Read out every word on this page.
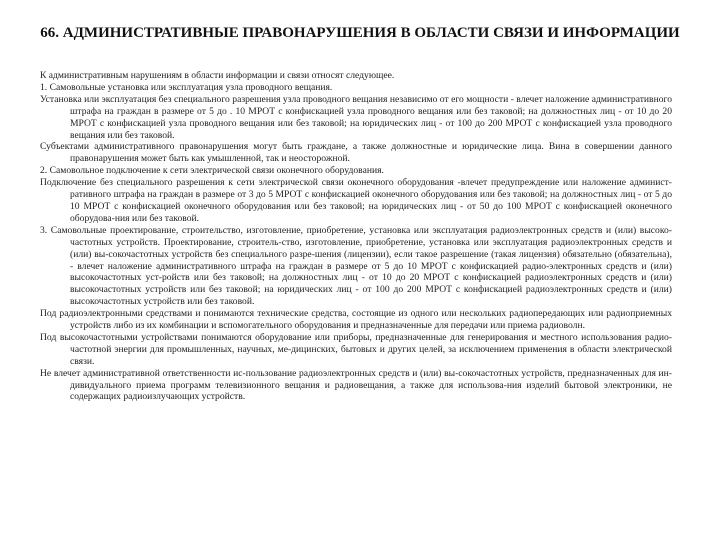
66. АДМИНИСТРАТИВНЫЕ ПРАВОНАРУШЕНИЯ В ОБЛАСТИ СВЯЗИ И ИНФОРМАЦИИ

К административным нарушениям в области информации и связи относят следующее.

1. Самовольные установка или эксплуатация узла проводного вещания.

Установка или эксплуатация без специального разрешения узла проводного вещания независимо от его мощности - влечет наложение административного штрафа на граждан в размере от 5 до . 10 МРОТ с конфискацией узла проводного вещания или без таковой; на должностных лиц - от 10 до 20 МРОТ с конфискацией узла проводного вещания или без таковой; на юридических лиц - от 100 до 200 МРОТ с конфискацией узла проводного вещания или без таковой.

Субъектами административного правонарушения могут быть граждане, а также должностные и юридические лица. Вина в совершении данного правонарушения может быть как умышленной, так и неосторожной.

2. Самовольное подключение к сети электрической связи оконечного оборудования.

Подключение без специального разрешения к сети электрической связи оконечного оборудования -влечет предупреждение или наложение админист-ративного штрафа на граждан в размере от 3 до 5 МРОТ с конфискацией оконечного оборудования или без таковой; на должностных лиц - от 5 до 10 МРОТ с конфискацией оконечного оборудования или без таковой; на юридических лиц - от 50 до 100 МРОТ с конфискацией оконечного оборудова-ния или без таковой.

3. Самовольные проектирование, строительство, изготовление, приобретение, установка или эксплуатация радиоэлектронных средств и (или) высоко-частотных устройств. Проектирование, строитель-ство, изготовление, приобретение, установка или эксплуатация радиоэлектронных средств и (или) вы-сокочастотных устройств без специального разре-шения (лицензии), если такое разрешение (такая лицензия) обязательно (обязательна), - влечет наложение административного штрафа на граждан в размере от 5 до 10 МРОТ с конфискацией радио-электронных средств и (или) высокочастотных уст-ройств или без таковой; на должностных лиц - от 10 до 20 МРОТ с конфискацией радиоэлектронных средств и (или) высокочастотных устройств или без таковой; на юридических лиц - от 100 до 200 МРОТ с конфискацией радиоэлектронных средств и (или) высокочастотных устройств или без таковой.

Под радиоэлектронными средствами и понимаются технические средства, состоящие из одного или нескольких радиопередающих или радиоприемных устройств либо из их комбинации и вспомогательного оборудования и предназначенные для передачи или приема радиоволн.

Под высокочастотными устройствами понимаются оборудование или приборы, предназначенные для генерирования и местного использования радио-частотной энергии для промышленных, научных, ме-дицинских, бытовых и других целей, за исключением применения в области электрической связи.

Не влечет административной ответственности ис-пользование радиоэлектронных средств и (или) вы-сокочастотных устройств, предназначенных для ин-дивидуального приема программ телевизионного вещания и радиовещания, а также для использова-ния изделий бытовой электроники, не содержащих радиоизлучающих устройств.
